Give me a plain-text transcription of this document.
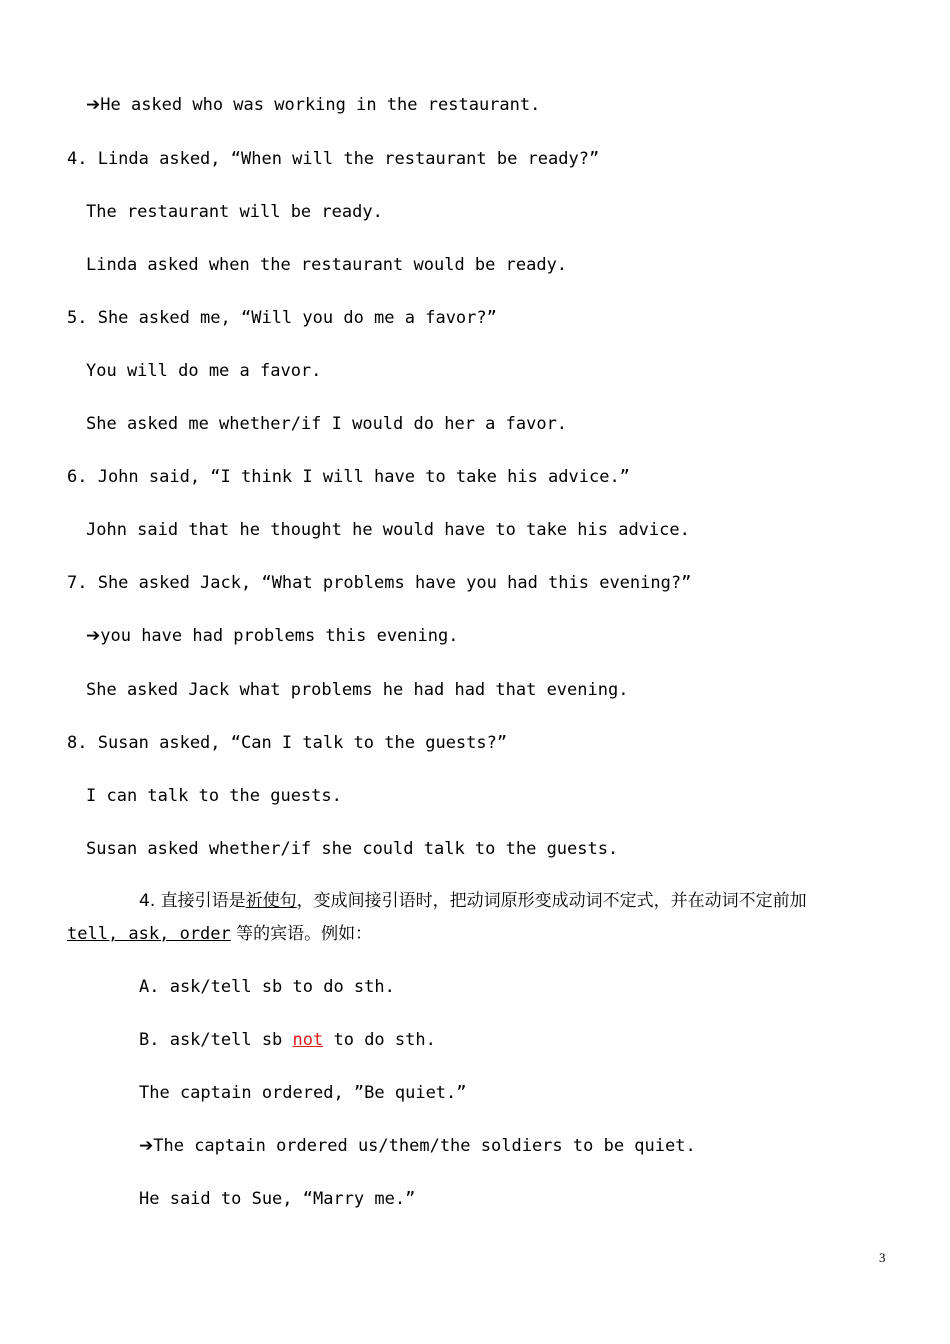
➔He asked who was working in the restaurant.
4. Linda asked, “When will the restaurant be ready?”
The restaurant will be ready.
Linda asked when the restaurant would be ready.
5. She asked me, “Will you do me a favor?”
You will do me a favor.
She asked me whether/if I would do her a favor.
6. John said, “I think I will have to take his advice.”
John said that he thought he would have to take his advice.
7. She asked Jack, “What problems have you had this evening?”
➔you have had problems this evening.
She asked Jack what problems he had had that evening.
8. Susan asked, “Can I talk to the guests?”
I can talk to the guests.
Susan asked whether/if she could talk to the guests.
4. 直接引语是祈使句，变成间接引语时，把动词原形变成动词不定式，并在动词不定前加
tell, ask, order 等的宾语。例如：
A. ask/tell sb to do sth.
B. ask/tell sb not to do sth.
The captain ordered, ”Be quiet.”
➔The captain ordered us/them/the soldiers to be quiet.
He said to Sue, “Marry me.”
3
